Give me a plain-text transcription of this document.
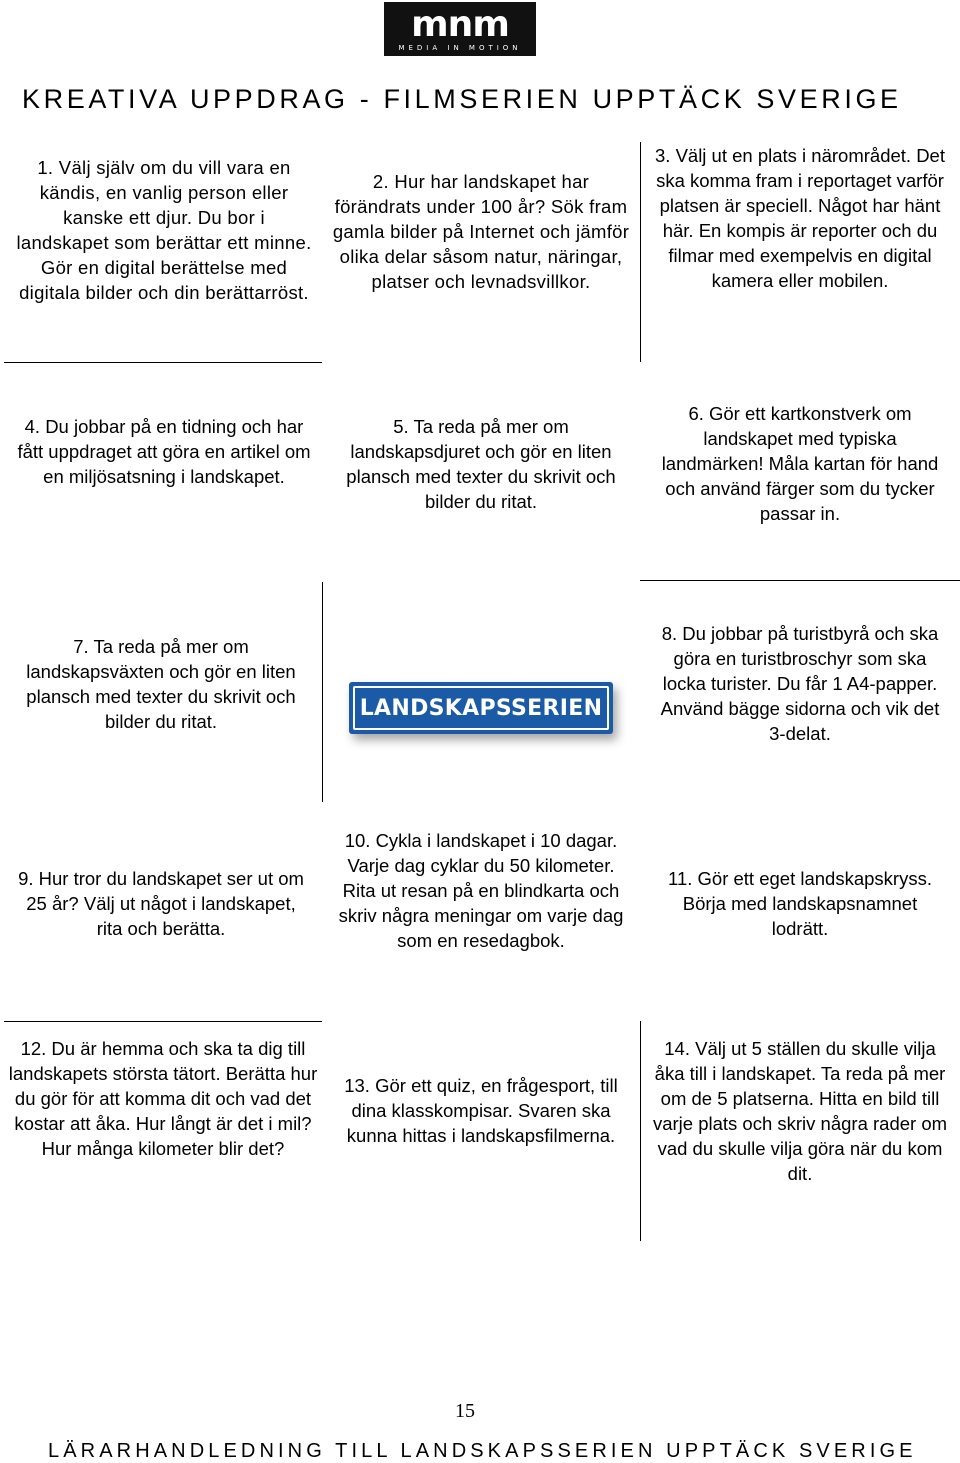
mnm
MEDIA IN MOTION
KREATIVA UPPDRAG - FILMSERIEN UPPTÄCK SVERIGE
1. Välj själv om du vill vara en kändis, en vanlig person eller kanske ett djur. Du bor i landskapet som berättar ett minne. Gör en digital berättelse med digitala bilder och din berättarröst.
2. Hur har landskapet har förändrats under 100 år? Sök fram gamla bilder på Internet och jämför olika delar såsom natur, näringar, platser och levnadsvillkor.
3. Välj ut en plats i närområdet. Det ska komma fram i reportaget varför platsen är speciell. Något har hänt här. En kompis är reporter och du filmar med exempelvis en digital kamera eller mobilen.
4. Du jobbar på en tidning och har fått uppdraget att göra en artikel om en miljösatsning i landskapet.
5. Ta reda på mer om landskapsdjuret och gör en liten plansch med texter du skrivit och bilder du ritat.
6. Gör ett kartkonstverk om landskapet med typiska landmärken! Måla kartan för hand och använd färger som du tycker passar in.
7. Ta reda på mer om landskapsväxten och gör en liten plansch med texter du skrivit och bilder du ritat.
LANDSKAPSSERIEN
8. Du jobbar på turistbyrå och ska göra en turistbroschyr som ska locka turister. Du får 1 A4-papper. Använd bägge sidorna och vik det 3-delat.
9. Hur tror du landskapet ser ut om 25 år? Välj ut något i landskapet, rita och berätta.
10. Cykla i landskapet i 10 dagar. Varje dag cyklar du 50 kilometer. Rita ut resan på en blindkarta och skriv några meningar om varje dag som en resedagbok.
11. Gör ett eget landskapskryss. Börja med landskapsnamnet lodrätt.
12. Du är hemma och ska ta dig till landskapets största tätort. Berätta hur du gör för att komma dit och vad det kostar att åka. Hur långt är det i mil? Hur många kilometer blir det?
13. Gör ett quiz, en frågesport, till dina klasskompisar. Svaren ska kunna hittas i landskapsfilmerna.
14. Välj ut 5 ställen du skulle vilja åka till i landskapet. Ta reda på mer om de 5 platserna. Hitta en bild till varje plats och skriv några rader om vad du skulle vilja göra när du kom dit.
15
LÄRARHANDLEDNING TILL LANDSKAPSSERIEN UPPTÄCK SVERIGE
